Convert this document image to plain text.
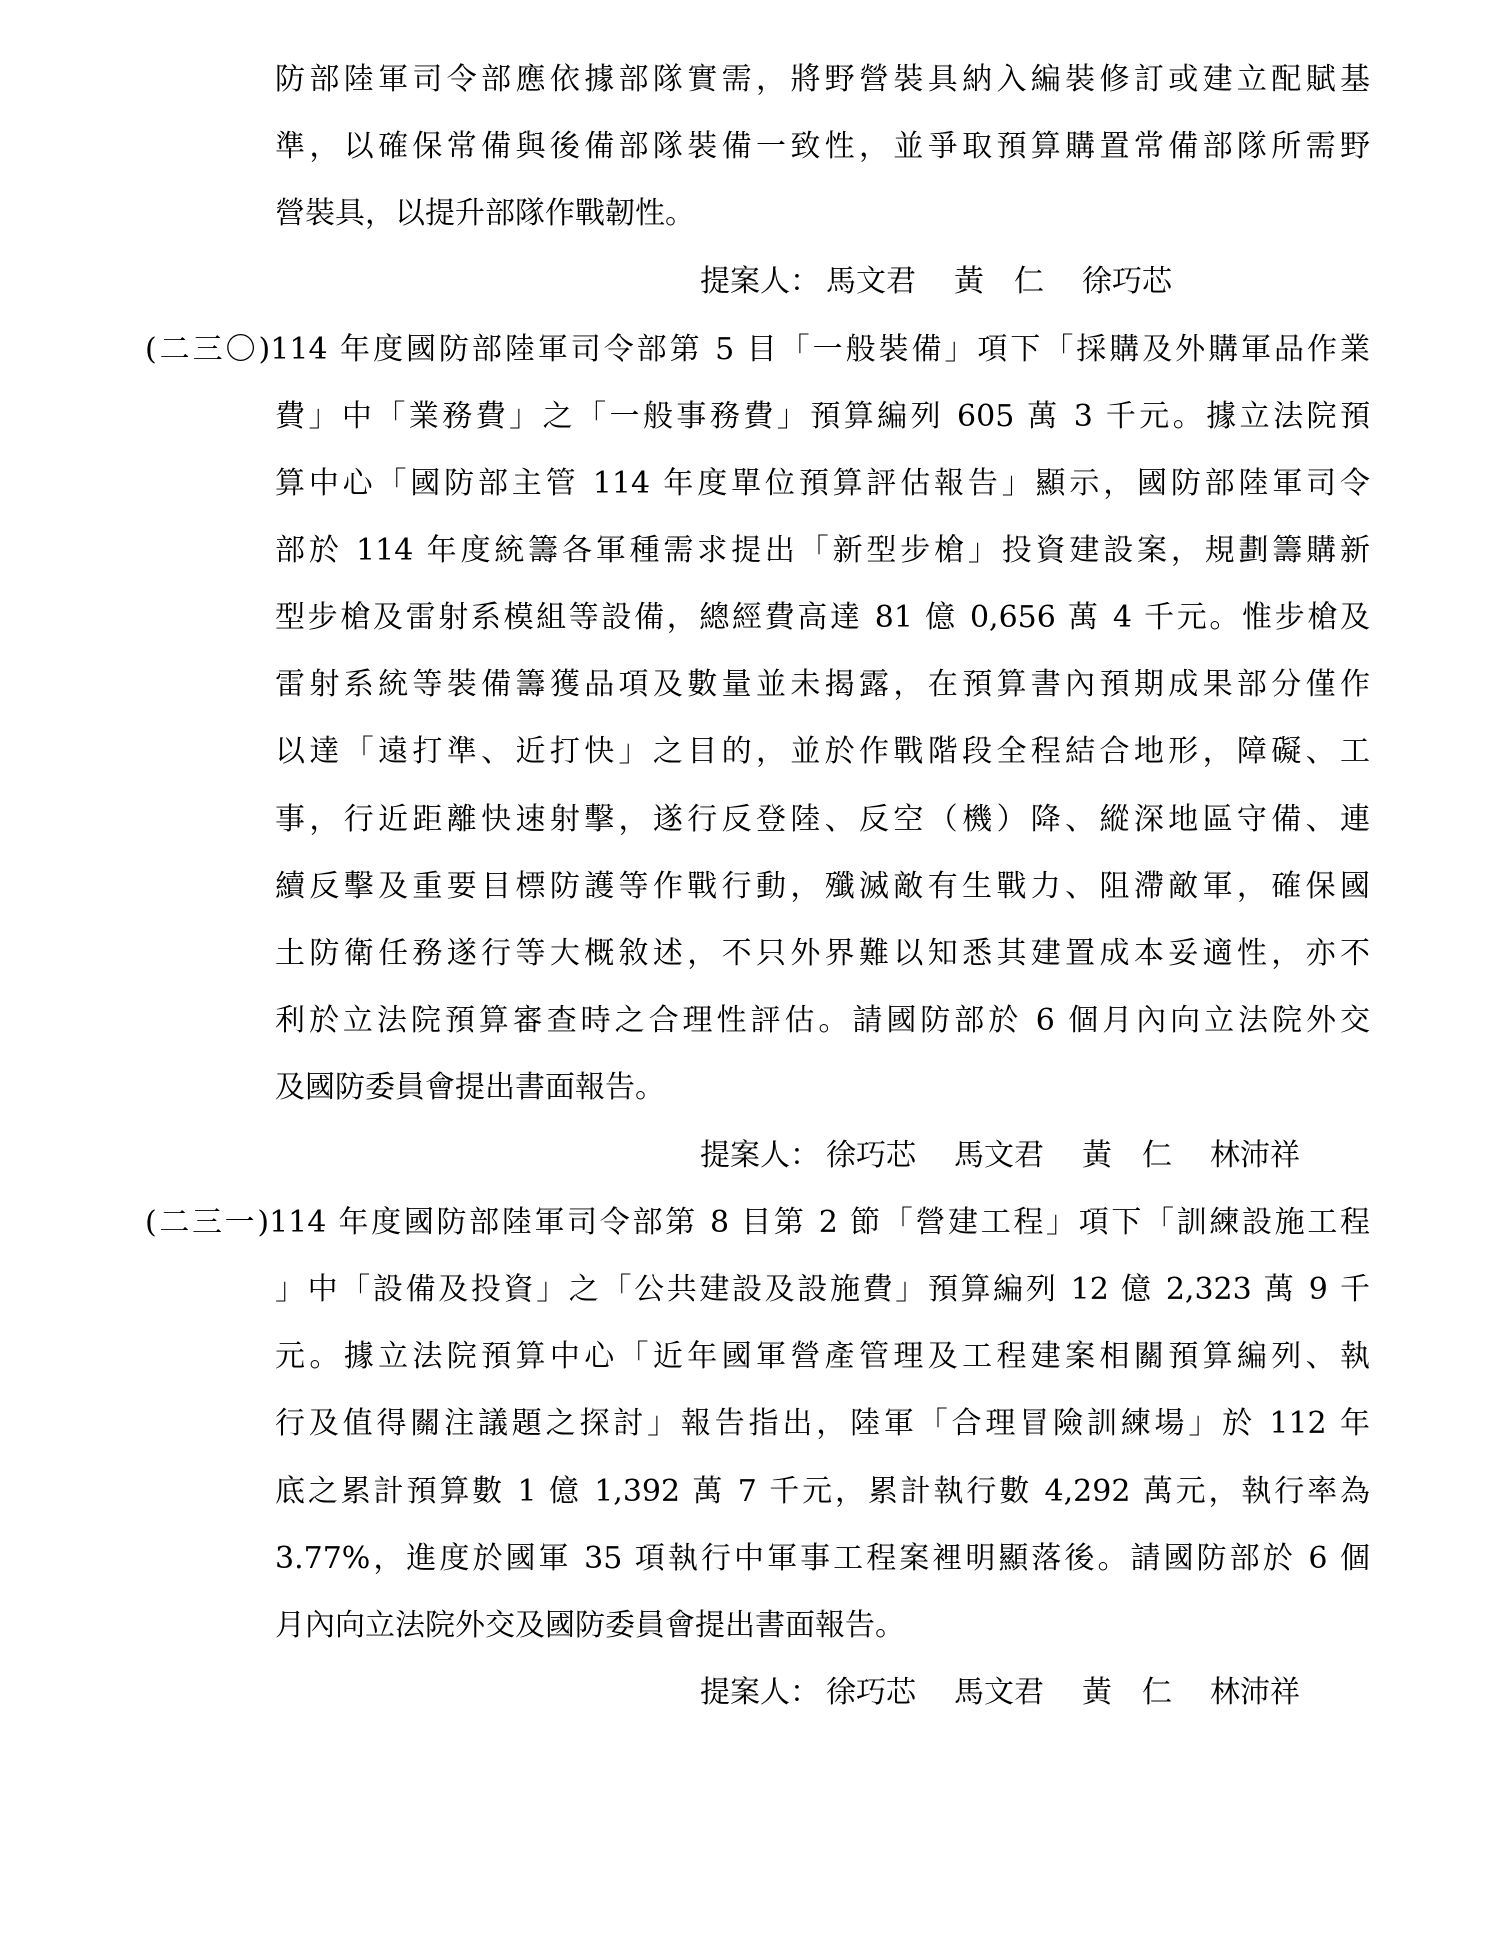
防部陸軍司令部應依據部隊實需，將野營裝具納入編裝修訂或建立配賦基
準，以確保常備與後備部隊裝備一致性，並爭取預算購置常備部隊所需野
營裝具，以提升部隊作戰韌性。
提案人： 馬文君 黃　仁 徐巧芯
(二三〇)114 年度國防部陸軍司令部第 5 目「一般裝備」項下「採購及外購軍品作業
費」中「業務費」之「一般事務費」預算編列 605 萬 3 千元。據立法院預
算中心「國防部主管 114 年度單位預算評估報告」顯示，國防部陸軍司令
部於 114 年度統籌各軍種需求提出「新型步槍」投資建設案，規劃籌購新
型步槍及雷射系模組等設備，總經費高達 81 億 0,656 萬 4 千元。惟步槍及
雷射系統等裝備籌獲品項及數量並未揭露，在預算書內預期成果部分僅作
以達「遠打準、近打快」之目的，並於作戰階段全程結合地形，障礙、工
事，行近距離快速射擊，遂行反登陸、反空（機）降、縱深地區守備、連
續反擊及重要目標防護等作戰行動，殲滅敵有生戰力、阻滯敵軍，確保國
土防衛任務遂行等大概敘述，不只外界難以知悉其建置成本妥適性，亦不
利於立法院預算審查時之合理性評估。請國防部於 6 個月內向立法院外交
及國防委員會提出書面報告。
提案人： 徐巧芯 馬文君 黃　仁 林沛祥
(二三一)114 年度國防部陸軍司令部第 8 目第 2 節「營建工程」項下「訓練設施工程
」中「設備及投資」之「公共建設及設施費」預算編列 12 億 2,323 萬 9 千
元。據立法院預算中心「近年國軍營產管理及工程建案相關預算編列、執
行及值得關注議題之探討」報告指出，陸軍「合理冒險訓練場」於 112 年
底之累計預算數 1 億 1,392 萬 7 千元，累計執行數 4,292 萬元，執行率為
3.77%，進度於國軍 35 項執行中軍事工程案裡明顯落後。請國防部於 6 個
月內向立法院外交及國防委員會提出書面報告。
提案人： 徐巧芯 馬文君 黃　仁 林沛祥
